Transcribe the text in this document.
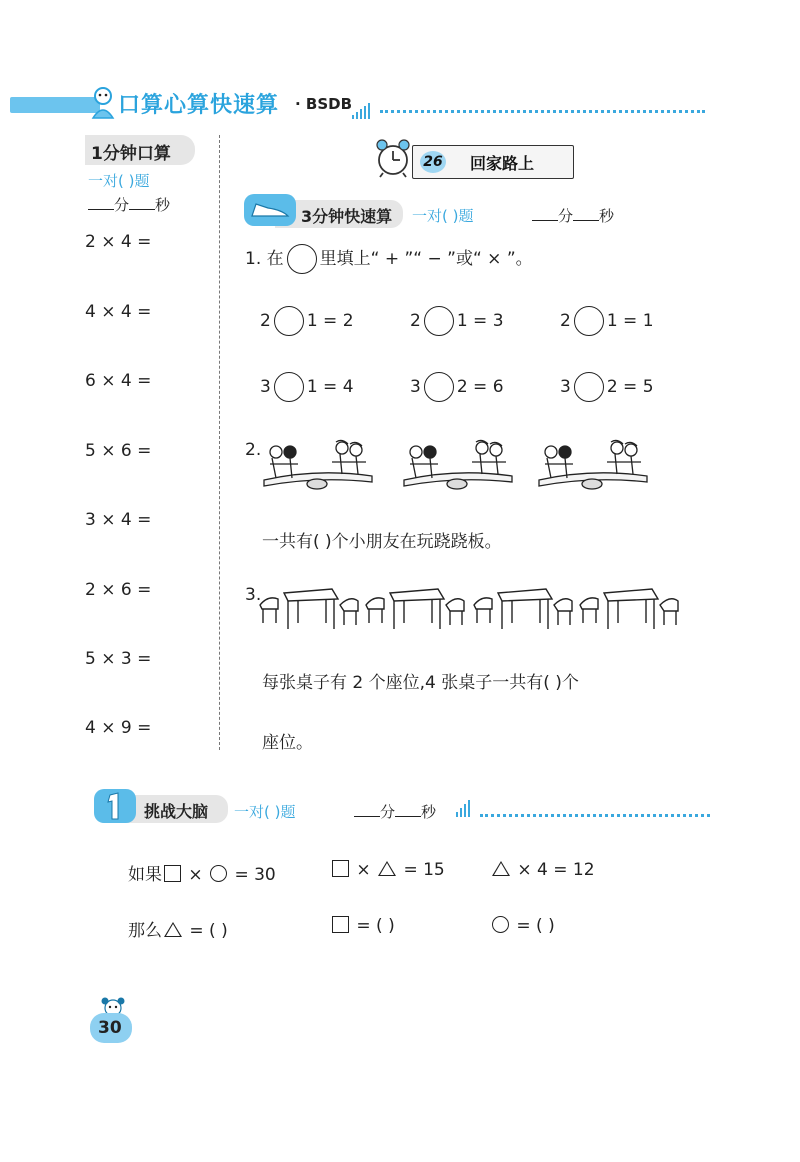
口算心算快速算 · BSDB
1分钟口算
一对( )题
分 秒
2 × 4 =
4 × 4 =
6 × 4 =
5 × 6 =
3 × 4 =
2 × 6 =
5 × 3 =
4 × 9 =
26 回家路上
3分钟快速算 一对( )题	分 秒
1. 在 里填上“ + ”“ − ”或“ × ”。
2 1 = 2	2 1 = 3	2 1 = 1
3 1 = 4	3 2 = 6	3 2 = 5
2.
一共有( )个小朋友在玩跷跷板。
3.
每张桌子有 2 个座位,4 张桌子一共有( )个
座位。
挑战大脑 一对( )题	分 秒
如果 ×  = 30	×  = 15	× 4 = 12
那么 = ( )	= ( )	= ( )
30
